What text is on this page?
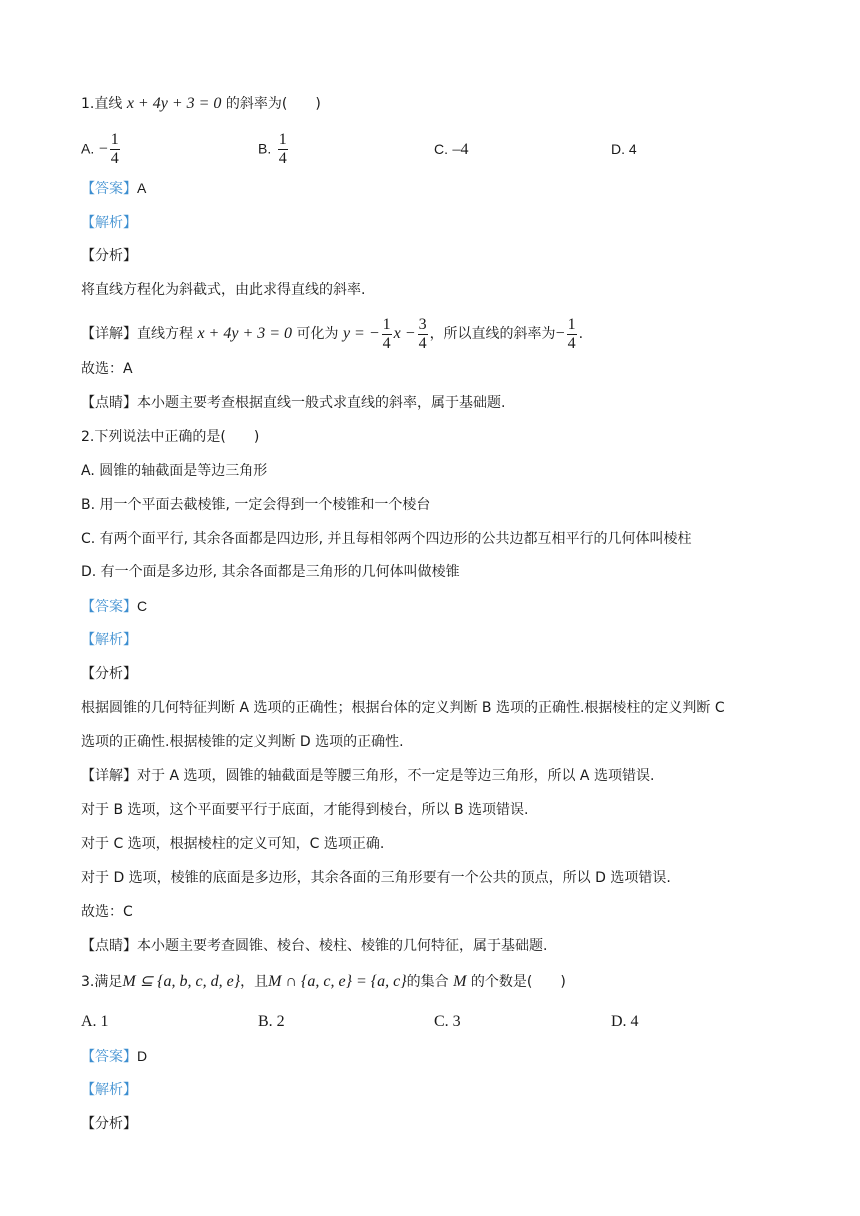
1.直线 x + 4y + 3 = 0 的斜率为(　　)
A. − $\frac{1}{4}$	B. $\frac{1}{4}$	C. –4	D. 4
【答案】A
【解析】
【分析】
将直线方程化为斜截式，由此求得直线的斜率.
【详解】直线方程 x + 4y + 3 = 0 可化为 y = − $\frac{1}{4}$ $x - \frac{3}{4}$ ，所以直线的斜率为− $\frac{1}{4}$ .
故选：A
【点睛】本小题主要考查根据直线一般式求直线的斜率，属于基础题.
2.下列说法中正确的是(　　)
A. 圆锥的轴截面是等边三角形
B. 用一个平面去截棱锥, 一定会得到一个棱锥和一个棱台
C. 有两个面平行, 其余各面都是四边形, 并且每相邻两个四边形的公共边都互相平行的几何体叫棱柱
D. 有一个面是多边形, 其余各面都是三角形的几何体叫做棱锥
【答案】C
【解析】
【分析】
根据圆锥的几何特征判断 A 选项的正确性；根据台体的定义判断 B 选项的正确性.根据棱柱的定义判断 C
选项的正确性.根据棱锥的定义判断 D 选项的正确性.
【详解】对于 A 选项，圆锥的轴截面是等腰三角形，不一定是等边三角形，所以 A 选项错误.
对于 B 选项，这个平面要平行于底面，才能得到棱台，所以 B 选项错误.
对于 C 选项，根据棱柱的定义可知，C 选项正确.
对于 D 选项，棱锥的底面是多边形，其余各面的三角形要有一个公共的顶点，所以 D 选项错误.
故选：C
【点睛】本小题主要考查圆锥、棱台、棱柱、棱锥的几何特征，属于基础题.
3.满足M ⊆ {a, b, c, d, e}，且M ∩ {a, c, e} = {a, c}的集合 M 的个数是(　　)
A. 1	B. 2	C. 3	D. 4
【答案】D
【解析】
【分析】
